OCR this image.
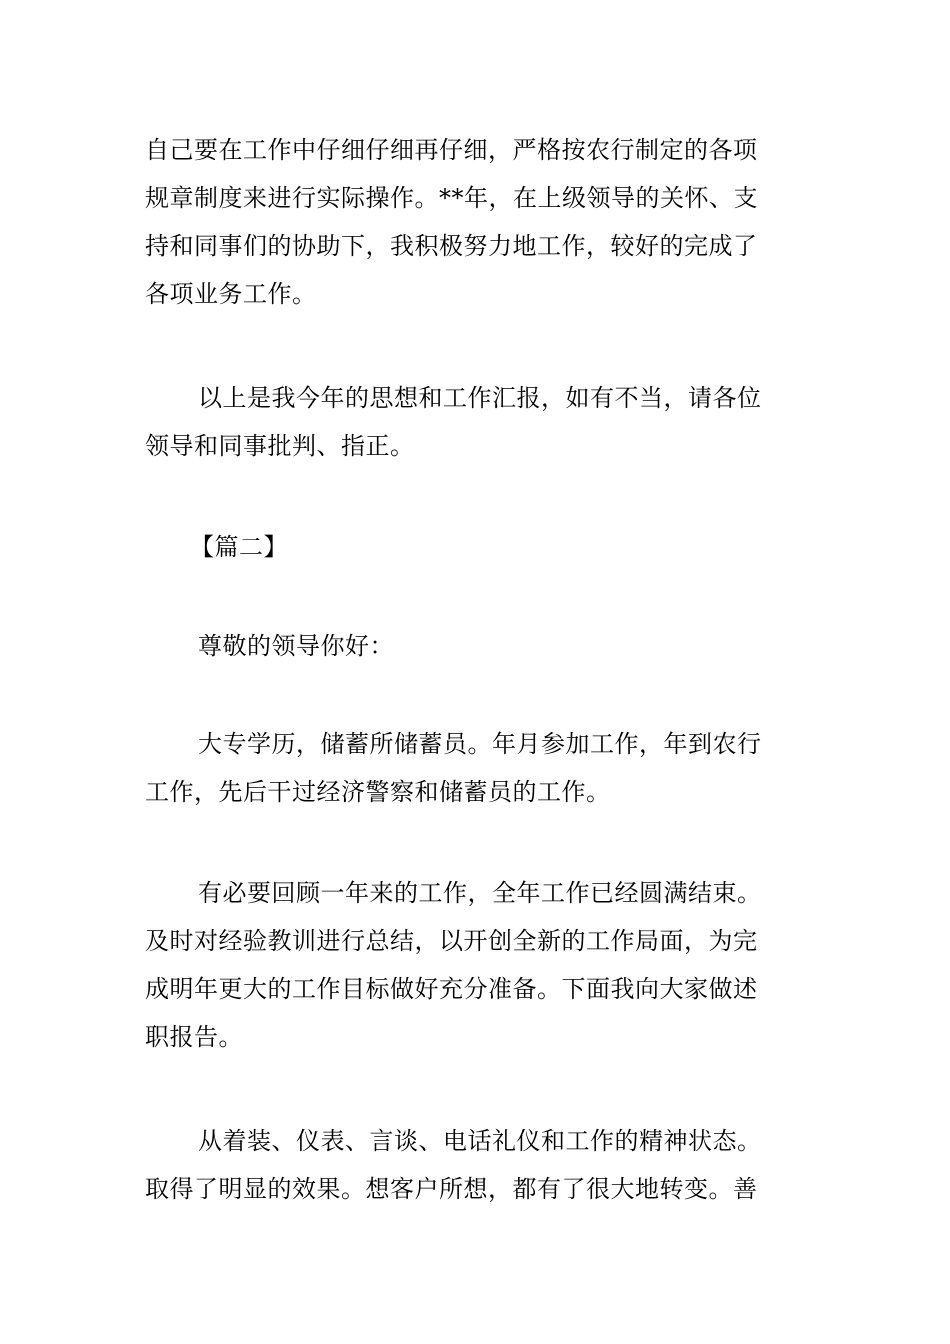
自己要在工作中仔细仔细再仔细，严格按农行制定的各项
规章制度来进行实际操作。**年，在上级领导的关怀、支
持和同事们的协助下，我积极努力地工作，较好的完成了
各项业务工作。
以上是我今年的思想和工作汇报，如有不当，请各位
领导和同事批判、指正。
【篇二】
尊敬的领导你好：
大专学历，储蓄所储蓄员。年月参加工作，年到农行
工作，先后干过经济警察和储蓄员的工作。
有必要回顾一年来的工作，全年工作已经圆满结束。
及时对经验教训进行总结，以开创全新的工作局面，为完
成明年更大的工作目标做好充分准备。下面我向大家做述
职报告。
从着装、仪表、言谈、电话礼仪和工作的精神状态。
取得了明显的效果。想客户所想，都有了很大地转变。善
